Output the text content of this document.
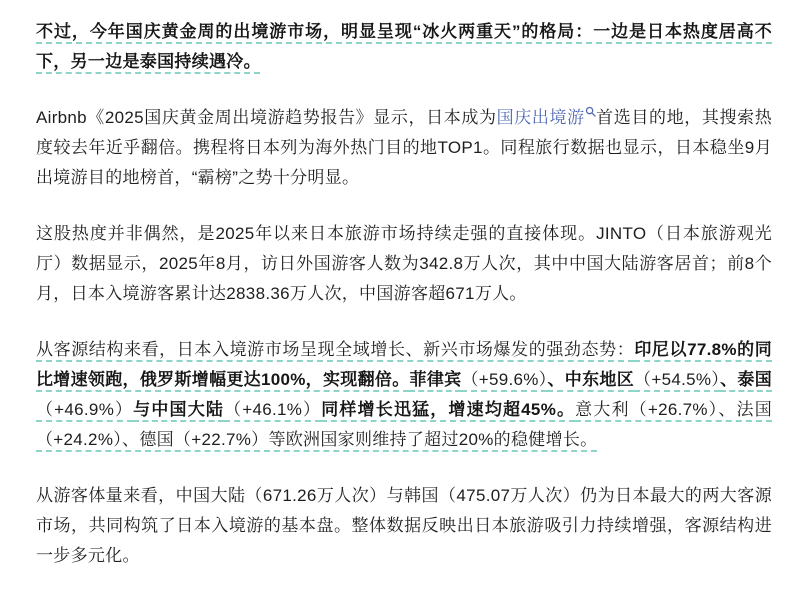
不过，今年国庆黄金周的出境游市场，明显呈现“冰火两重天”的格局：一边是日本热度居高不下，另一边是泰国持续遇冷。

Airbnb《2025国庆黄金周出境游趋势报告》显示，日本成为国庆出境游 首选目的地，其搜索热度较去年近乎翻倍。携程将日本列为海外热门目的地TOP1。同程旅行数据也显示，日本稳坐9月出境游目的地榜首，“霸榜”之势十分明显。

这股热度并非偶然，是2025年以来日本旅游市场持续走强的直接体现。JINTO（日本旅游观光厅）数据显示，2025年8月，访日外国游客人数为342.8万人次，其中中国大陆游客居首；前8个月，日本入境游客累计达2838.36万人次，中国游客超671万人。

从客源结构来看，日本入境游市场呈现全域增长、新兴市场爆发的强劲态势：印尼以77.8%的同比增速领跑，俄罗斯增幅更达100%，实现翻倍。菲律宾（+59.6%）、中东地区（+54.5%）、泰国（+46.9%）与中国大陆（+46.1%）同样增长迅猛，增速均超45%。意大利（+26.7%）、法国（+24.2%）、德国（+22.7%）等欧洲国家则维持了超过20%的稳健增长。

从游客体量来看，中国大陆（671.26万人次）与韩国（475.07万人次）仍为日本最大的两大客源市场，共同构筑了日本入境游的基本盘。整体数据反映出日本旅游吸引力持续增强，客源结构进一步多元化。
